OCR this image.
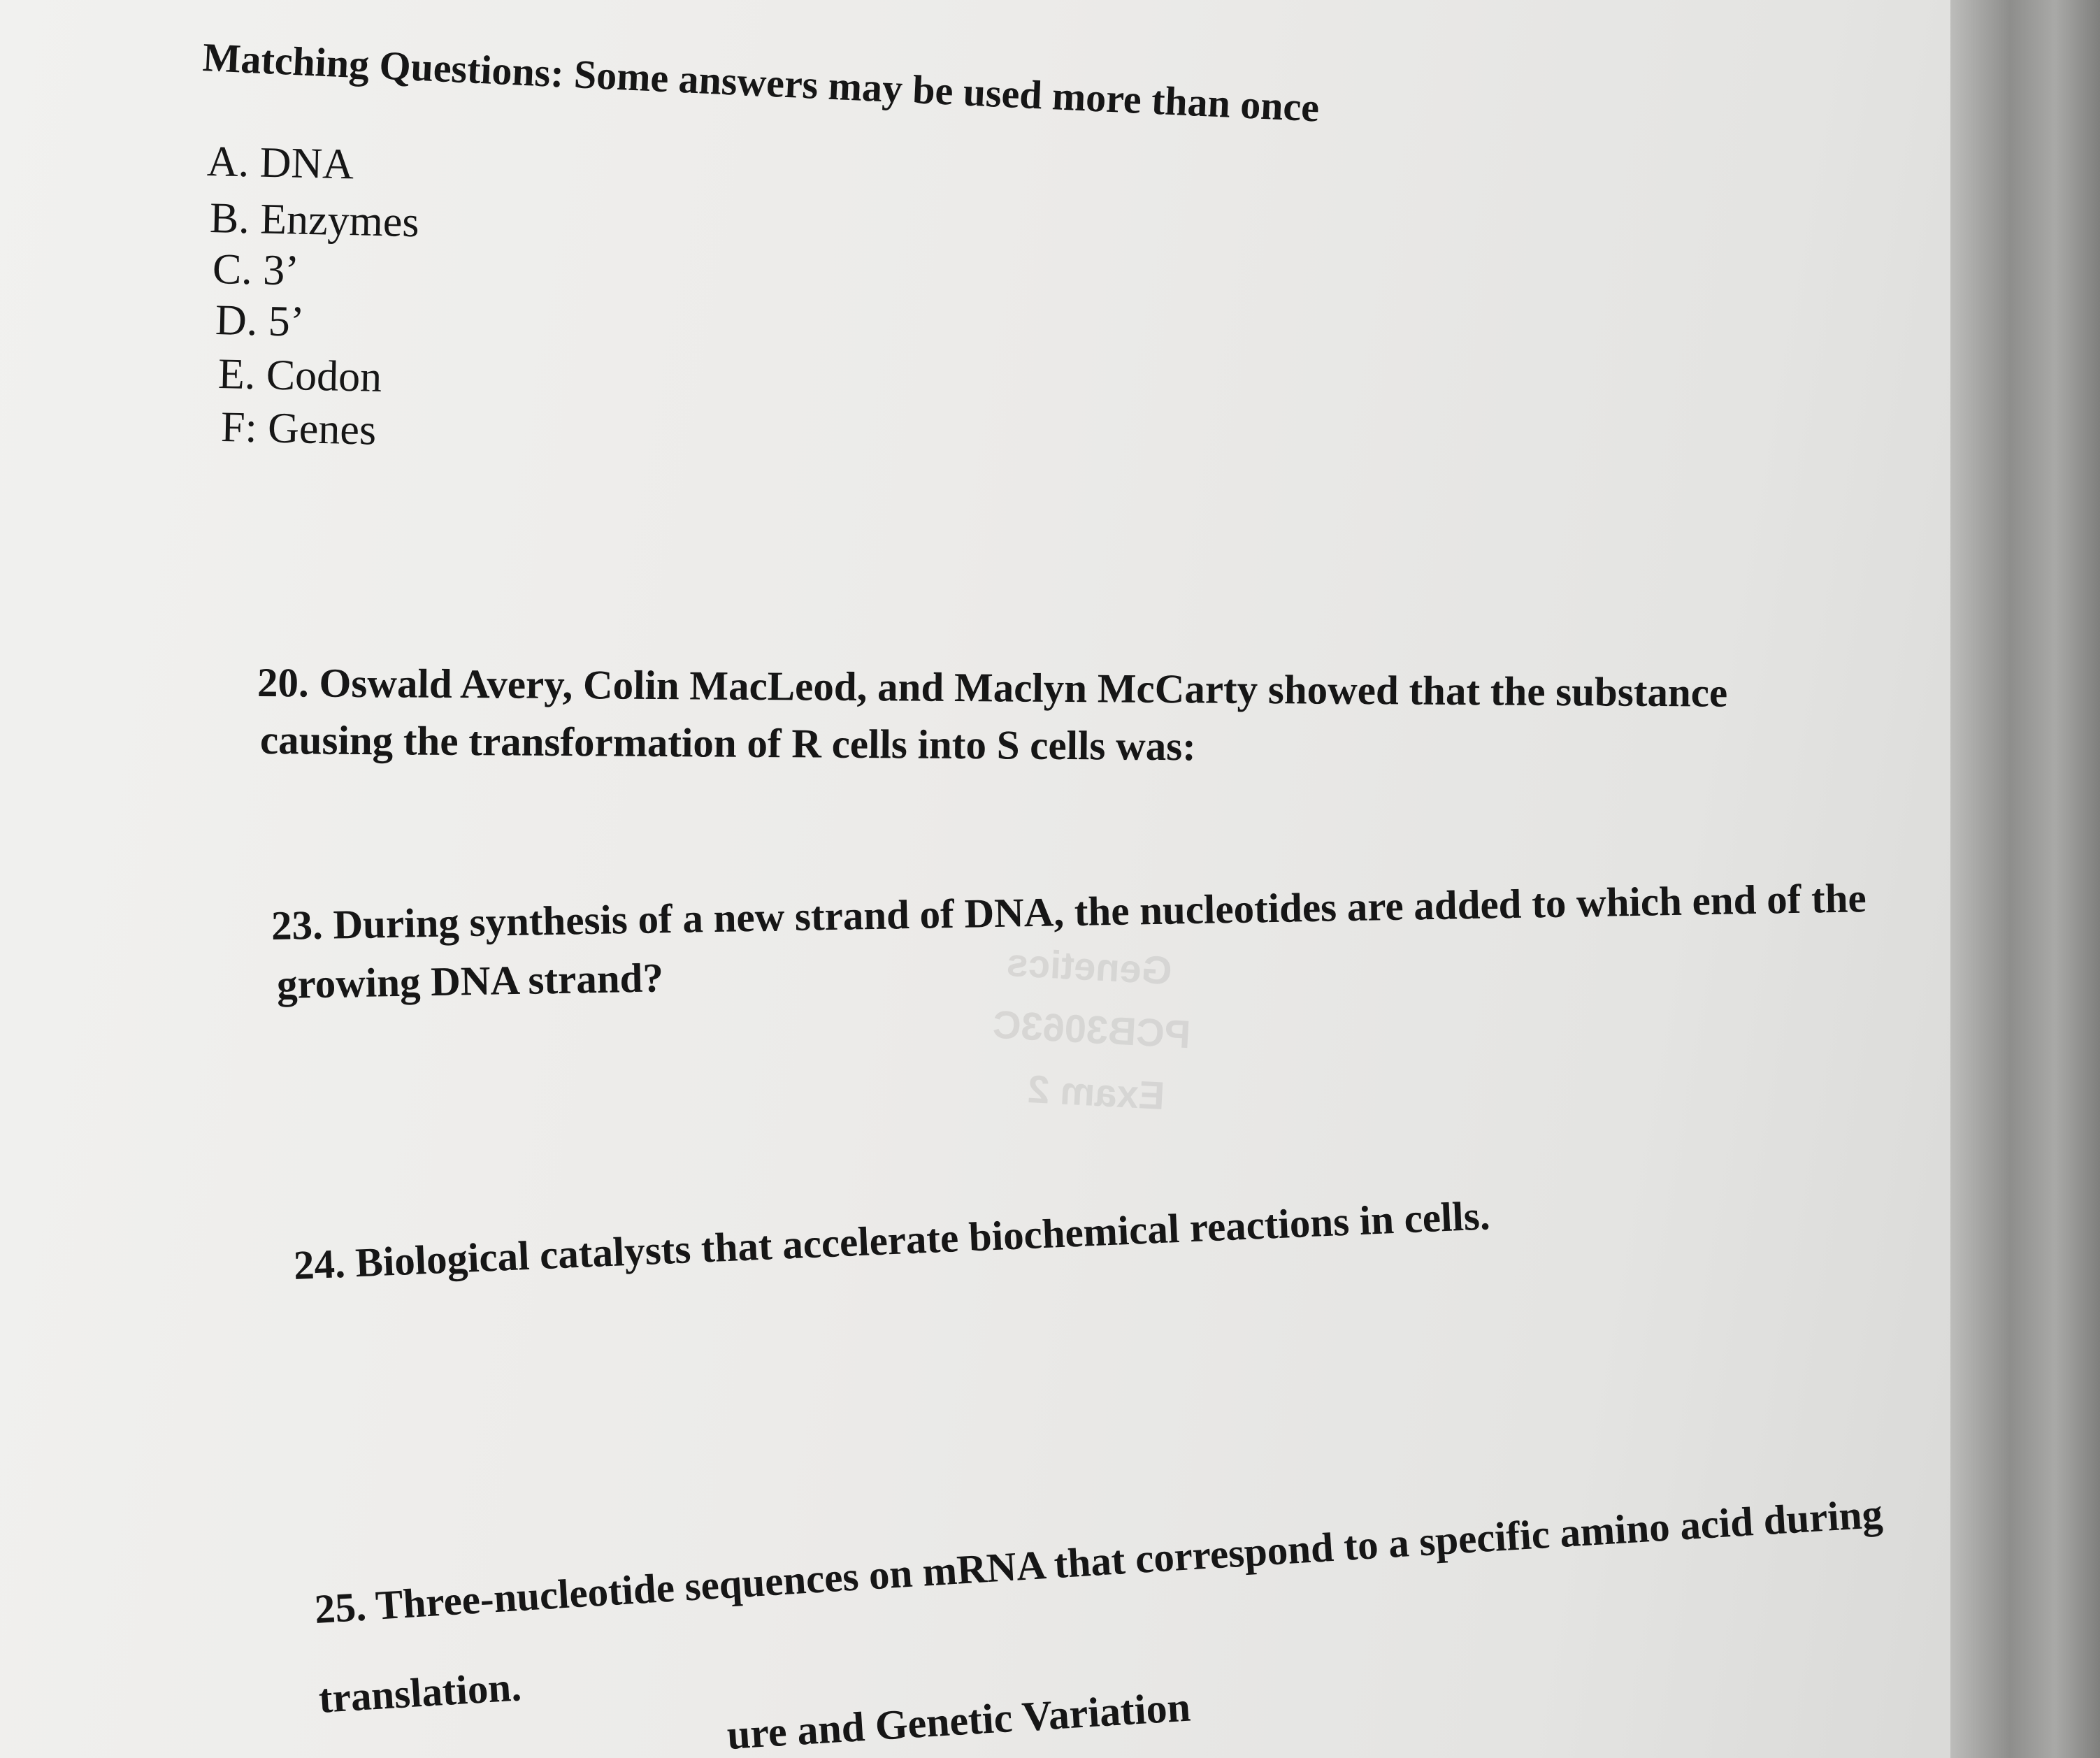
Genetics
PCB3063C
Exam 2
Matching Questions: Some answers may be used more than once
A. DNA
B. Enzymes
C. 3’
D. 5’
E. Codon
F: Genes
20. Oswald Avery, Colin MacLeod, and Maclyn McCarty showed that the substance
causing the transformation of R cells into S cells was:
23. During synthesis of a new strand of DNA, the nucleotides are added to which end of the
growing DNA strand?
24. Biological catalysts that accelerate biochemical reactions in cells.
25. Three-nucleotide sequences on mRNA that correspond to a specific amino acid during
translation.	ure and Genetic Variation
